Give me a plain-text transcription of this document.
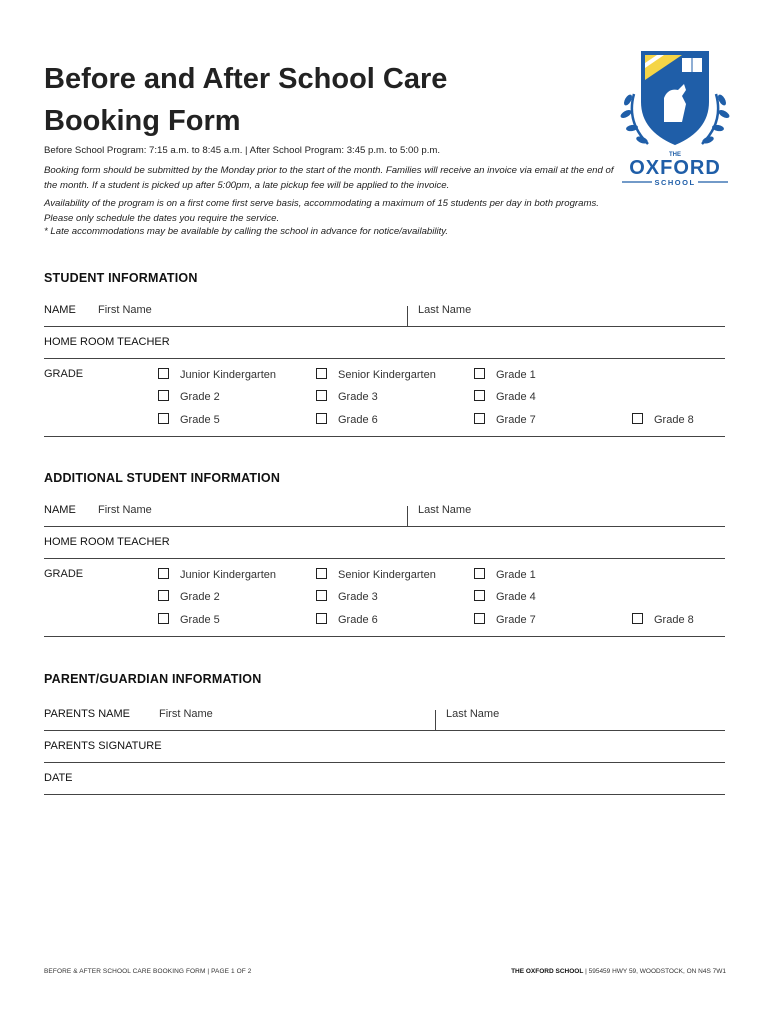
Before and After School Care
Booking Form
Before School Program: 7:15 a.m. to 8:45 a.m. | After School Program: 3:45 p.m. to 5:00 p.m.
Booking form should be submitted by the Monday prior to the start of the month. Families will receive an invoice via email at the end of the month. If a student is picked up after 5:00pm, a late pickup fee will be applied to the invoice.
Availability of the program is on a first come first serve basis, accommodating a maximum of 15 students per day in both programs. Please only schedule the dates you require the service.
* Late accommodations may be available by calling the school in advance for notice/availability.
THE
OXFORD
SCHOOL
STUDENT INFORMATION
NAME First Name	Last Name
HOME ROOM TEACHER
GRADE	Junior Kindergarten	Senior Kindergarten	Grade 1
Grade 2	Grade 3	Grade 4
Grade 5	Grade 6	Grade 7	Grade 8
ADDITIONAL STUDENT INFORMATION
NAME First Name	Last Name
HOME ROOM TEACHER
GRADE	Junior Kindergarten	Senior Kindergarten	Grade 1
Grade 2	Grade 3	Grade 4
Grade 5	Grade 6	Grade 7	Grade 8
PARENT/GUARDIAN INFORMATION
PARENTS NAME	First Name	Last Name
PARENTS SIGNATURE
DATE
BEFORE & AFTER SCHOOL CARE BOOKING FORM | PAGE 1 OF 2	THE OXFORD SCHOOL | 595459 HWY 59, WOODSTOCK, ON N4S 7W1
